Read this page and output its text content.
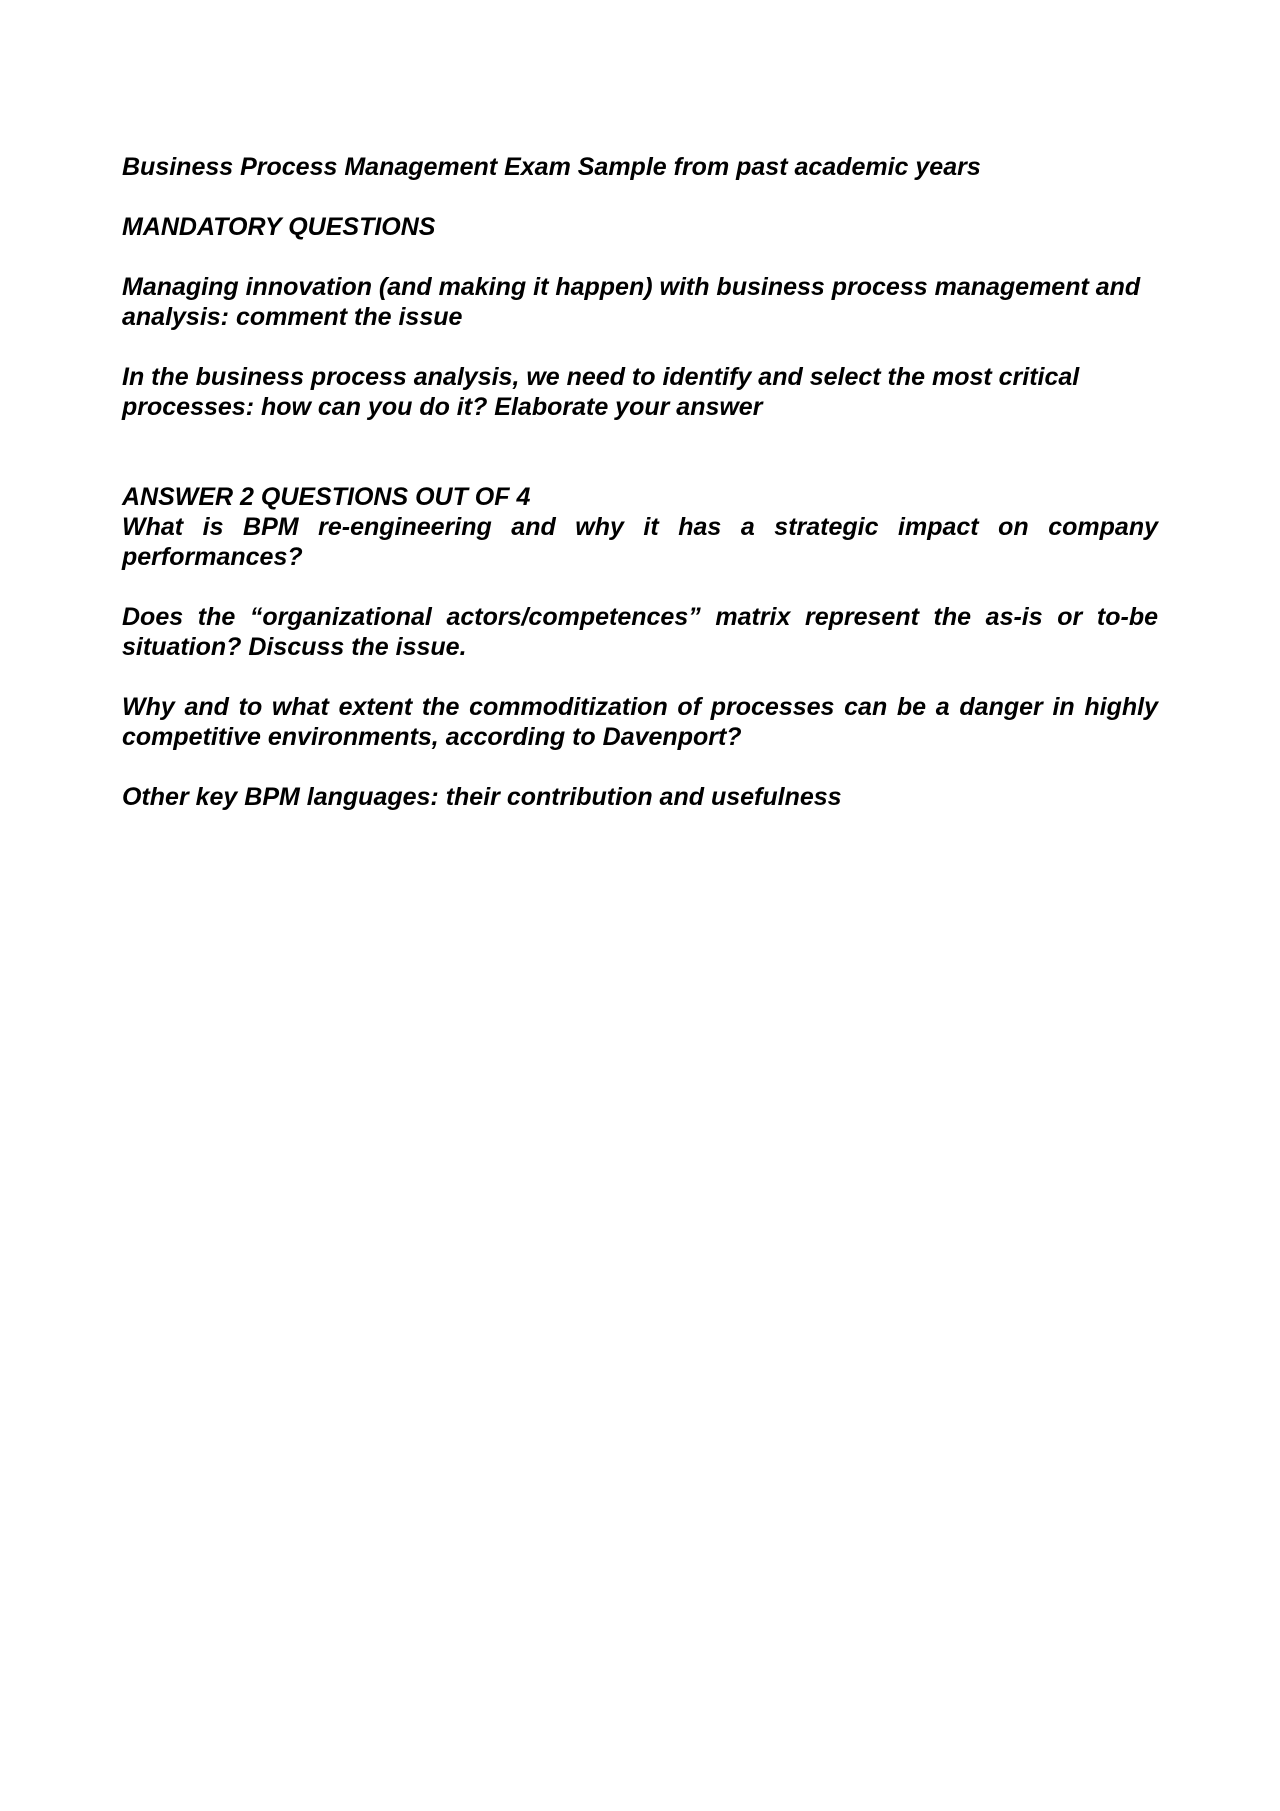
Business Process Management Exam Sample from past academic years

MANDATORY QUESTIONS

Managing innovation (and making it happen) with business process management and analysis: comment the issue

In the business process analysis, we need to identify and select the most critical processes: how can you do it? Elaborate your answer

ANSWER 2 QUESTIONS OUT OF 4

What is BPM re-engineering and why it has a strategic impact on company performances?

Does the “organizational actors/competences” matrix represent the as-is or to-be situation? Discuss the issue.

Why and to what extent the commoditization of processes can be a danger in highly competitive environments, according to Davenport?

Other key BPM languages: their contribution and usefulness
